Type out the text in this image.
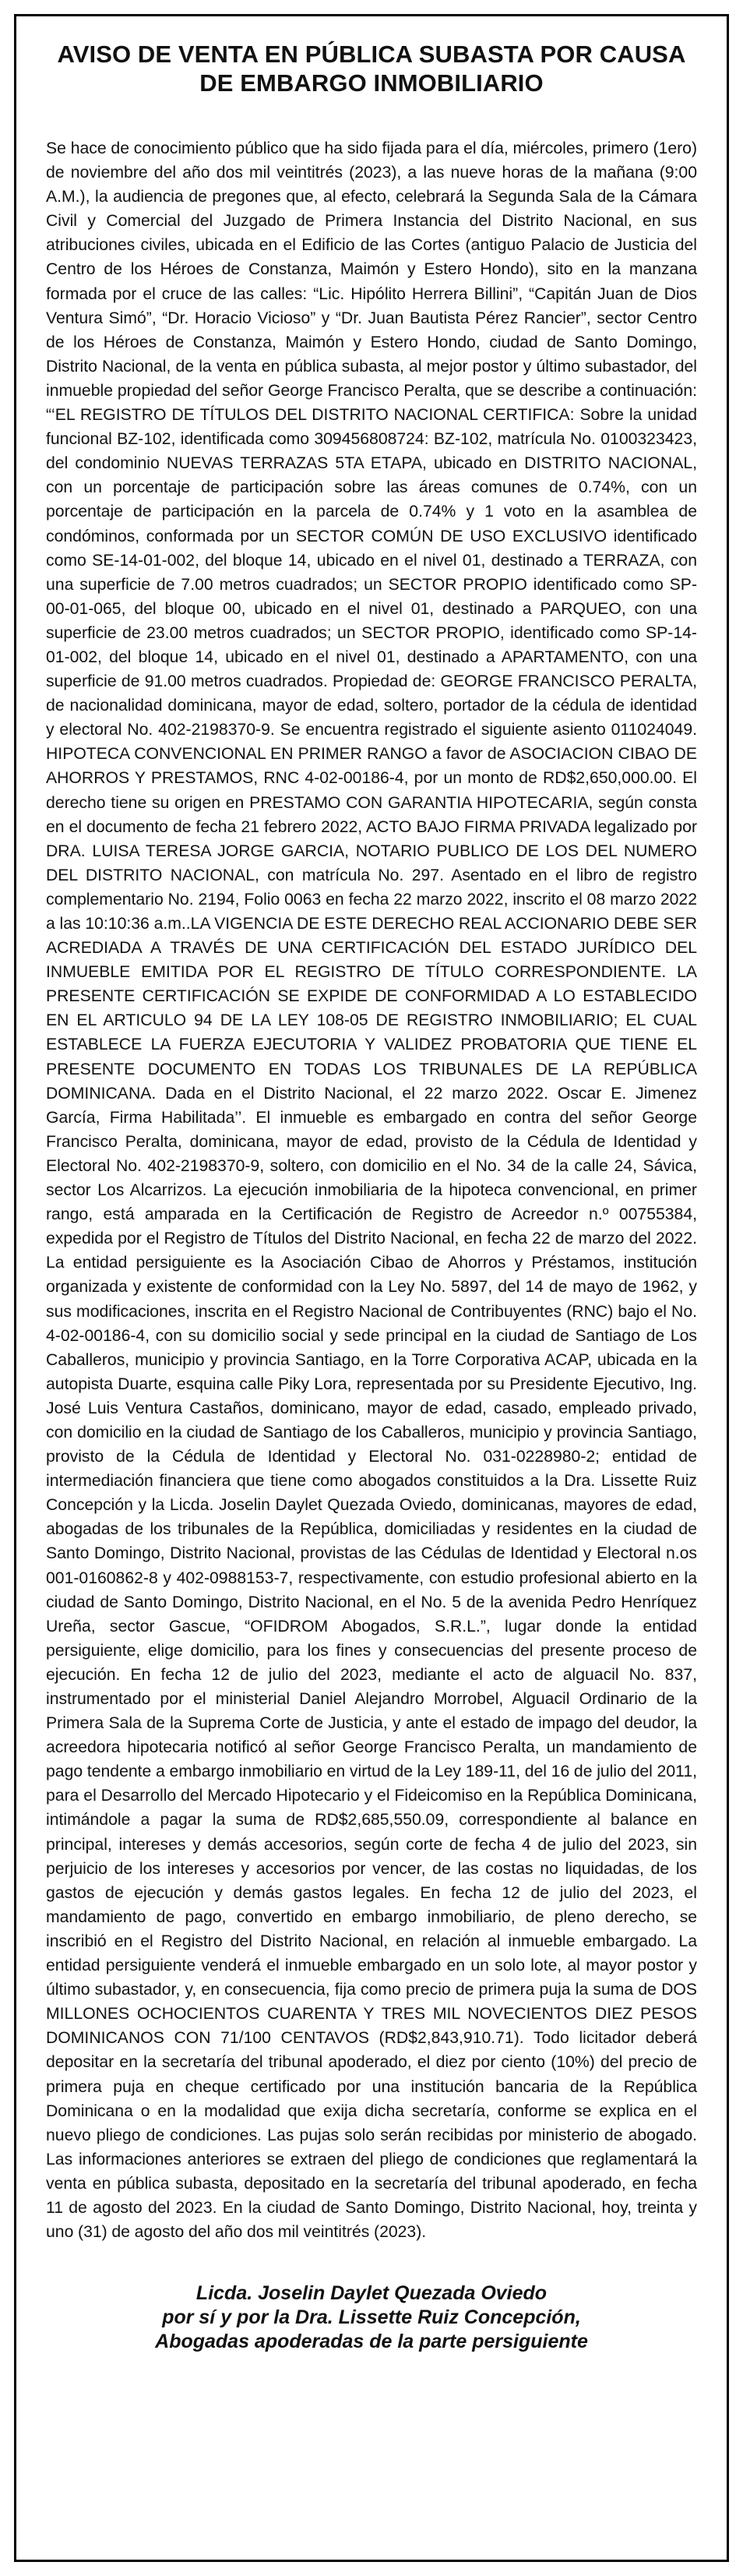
AVISO DE VENTA EN PÚBLICA SUBASTA POR CAUSA
DE EMBARGO INMOBILIARIO

Se hace de conocimiento público que ha sido fijada para el día, miércoles, primero (1ero) de noviembre del año dos mil veintitrés (2023), a las nueve horas de la mañana (9:00 A.M.), la audiencia de pregones que, al efecto, celebrará la Segunda Sala de la Cámara Civil y Comercial del Juzgado de Primera Instancia del Distrito Nacional, en sus atribuciones civiles, ubicada en el Edificio de las Cortes (antiguo Palacio de Justicia del Centro de los Héroes de Constanza, Maimón y Estero Hondo), sito en la manzana formada por el cruce de las calles: “Lic. Hipólito Herrera Billini”, “Capitán Juan de Dios Ventura Simó”, “Dr. Horacio Vicioso” y “Dr. Juan Bautista Pérez Rancier”, sector Centro de los Héroes de Constanza, Maimón y Estero Hondo, ciudad de Santo Domingo, Distrito Nacional, de la venta en pública subasta, al mejor postor y último subastador, del inmueble propiedad del señor George Francisco Peralta, que se describe a continuación: “‘EL REGISTRO DE TÍTULOS DEL DISTRITO NACIONAL CERTIFICA: Sobre la unidad funcional BZ-102, identificada como 309456808724: BZ-102, matrícula No. 0100323423, del condominio NUEVAS TERRAZAS 5TA ETAPA, ubicado en DISTRITO NACIONAL, con un porcentaje de participación sobre las áreas comunes de 0.74%, con un porcentaje de participación en la parcela de 0.74% y 1 voto en la asamblea de condóminos, conformada por un SECTOR COMÚN DE USO EXCLUSIVO identificado como SE-14-01-002, del bloque 14, ubicado en el nivel 01, destinado a TERRAZA, con una superficie de 7.00 metros cuadrados; un SECTOR PROPIO identificado como SP-00-01-065, del bloque 00, ubicado en el nivel 01, destinado a PARQUEO, con una superficie de 23.00 metros cuadrados; un SECTOR PROPIO, identificado como SP-14-01-002, del bloque 14, ubicado en el nivel 01, destinado a APARTAMENTO, con una superficie de 91.00 metros cuadrados. Propiedad de: GEORGE FRANCISCO PERALTA, de nacionalidad dominicana, mayor de edad, soltero, portador de la cédula de identidad y electoral No. 402-2198370-9. Se encuentra registrado el siguiente asiento 011024049. HIPOTECA CONVENCIONAL EN PRIMER RANGO a favor de ASOCIACION CIBAO DE AHORROS Y PRESTAMOS, RNC 4-02-00186-4, por un monto de RD$2,650,000.00. El derecho tiene su origen en PRESTAMO CON GARANTIA HIPOTECARIA, según consta en el documento de fecha 21 febrero 2022, ACTO BAJO FIRMA PRIVADA legalizado por DRA. LUISA TERESA JORGE GARCIA, NOTARIO PUBLICO DE LOS DEL NUMERO DEL DISTRITO NACIONAL, con matrícula No. 297. Asentado en el libro de registro complementario No. 2194, Folio 0063 en fecha 22 marzo 2022, inscrito el 08 marzo 2022 a las 10:10:36 a.m..LA VIGENCIA DE ESTE DERECHO REAL ACCIONARIO DEBE SER ACREDIADA A TRAVÉS DE UNA CERTIFICACIÓN DEL ESTADO JURÍDICO DEL INMUEBLE EMITIDA POR EL REGISTRO DE TÍTULO CORRESPONDIENTE. LA PRESENTE CERTIFICACIÓN SE EXPIDE DE CONFORMIDAD A LO ESTABLECIDO EN EL ARTICULO 94 DE LA LEY 108-05 DE REGISTRO INMOBILIARIO; EL CUAL ESTABLECE LA FUERZA EJECUTORIA Y VALIDEZ PROBATORIA QUE TIENE EL PRESENTE DOCUMENTO EN TODAS LOS TRIBUNALES DE LA REPÚBLICA DOMINICANA. Dada en el Distrito Nacional, el 22 marzo 2022. Oscar E. Jimenez García, Firma Habilitada’’. El inmueble es embargado en contra del señor George Francisco Peralta, dominicana, mayor de edad, provisto de la Cédula de Identidad y Electoral No. 402-2198370-9, soltero, con domicilio en el No. 34 de la calle 24, Sávica, sector Los Alcarrizos. La ejecución inmobiliaria de la hipoteca convencional, en primer rango, está amparada en la Certificación de Registro de Acreedor n.º 00755384, expedida por el Registro de Títulos del Distrito Nacional, en fecha 22 de marzo del 2022. La entidad persiguiente es la Asociación Cibao de Ahorros y Préstamos, institución organizada y existente de conformidad con la Ley No. 5897, del 14 de mayo de 1962, y sus modificaciones, inscrita en el Registro Nacional de Contribuyentes (RNC) bajo el No. 4-02-00186-4, con su domicilio social y sede principal en la ciudad de Santiago de Los Caballeros, municipio y provincia Santiago, en la Torre Corporativa ACAP, ubicada en la autopista Duarte, esquina calle Piky Lora, representada por su Presidente Ejecutivo, Ing. José Luis Ventura Castaños, dominicano, mayor de edad, casado, empleado privado, con domicilio en la ciudad de Santiago de los Caballeros, municipio y provincia Santiago, provisto de la Cédula de Identidad y Electoral No. 031-0228980-2; entidad de intermediación financiera que tiene como abogados constituidos a la Dra. Lissette Ruiz Concepción y la Licda. Joselin Daylet Quezada Oviedo, dominicanas, mayores de edad, abogadas de los tribunales de la República, domiciliadas y residentes en la ciudad de Santo Domingo, Distrito Nacional, provistas de las Cédulas de Identidad y Electoral n.os 001-0160862-8 y 402-0988153-7, respectivamente, con estudio profesional abierto en la ciudad de Santo Domingo, Distrito Nacional, en el No. 5 de la avenida Pedro Henríquez Ureña, sector Gascue, “OFIDROM Abogados, S.R.L.”, lugar donde la entidad persiguiente, elige domicilio, para los fines y consecuencias del presente proceso de ejecución. En fecha 12 de julio del 2023, mediante el acto de alguacil No. 837, instrumentado por el ministerial Daniel Alejandro Morrobel, Alguacil Ordinario de la Primera Sala de la Suprema Corte de Justicia, y ante el estado de impago del deudor, la acreedora hipotecaria notificó al señor George Francisco Peralta, un mandamiento de pago tendente a embargo inmobiliario en virtud de la Ley 189-11, del 16 de julio del 2011, para el Desarrollo del Mercado Hipotecario y el Fideicomiso en la República Dominicana, intimándole a pagar la suma de RD$2,685,550.09, correspondiente al balance en principal, intereses y demás accesorios, según corte de fecha 4 de julio del 2023, sin perjuicio de los intereses y accesorios por vencer, de las costas no liquidadas, de los gastos de ejecución y demás gastos legales. En fecha 12 de julio del 2023, el mandamiento de pago, convertido en embargo inmobiliario, de pleno derecho, se inscribió en el Registro del Distrito Nacional, en relación al inmueble embargado. La entidad persiguiente venderá el inmueble embargado en un solo lote, al mayor postor y último subastador, y, en consecuencia, fija como precio de primera puja la suma de DOS MILLONES OCHOCIENTOS CUARENTA Y TRES MIL NOVECIENTOS DIEZ PESOS DOMINICANOS CON 71/100 CENTAVOS (RD$2,843,910.71). Todo licitador deberá depositar en la secretaría del tribunal apoderado, el diez por ciento (10%) del precio de primera puja en cheque certificado por una institución bancaria de la República Dominicana o en la modalidad que exija dicha secretaría, conforme se explica en el nuevo pliego de condiciones. Las pujas solo serán recibidas por ministerio de abogado. Las informaciones anteriores se extraen del pliego de condiciones que reglamentará la venta en pública subasta, depositado en la secretaría del tribunal apoderado, en fecha 11 de agosto del 2023. En la ciudad de Santo Domingo, Distrito Nacional, hoy, treinta y uno (31) de agosto del año dos mil veintitrés (2023).

Licda. Joselin Daylet Quezada Oviedo
por sí y por la Dra. Lissette Ruiz Concepción,
Abogadas apoderadas de la parte persiguiente
